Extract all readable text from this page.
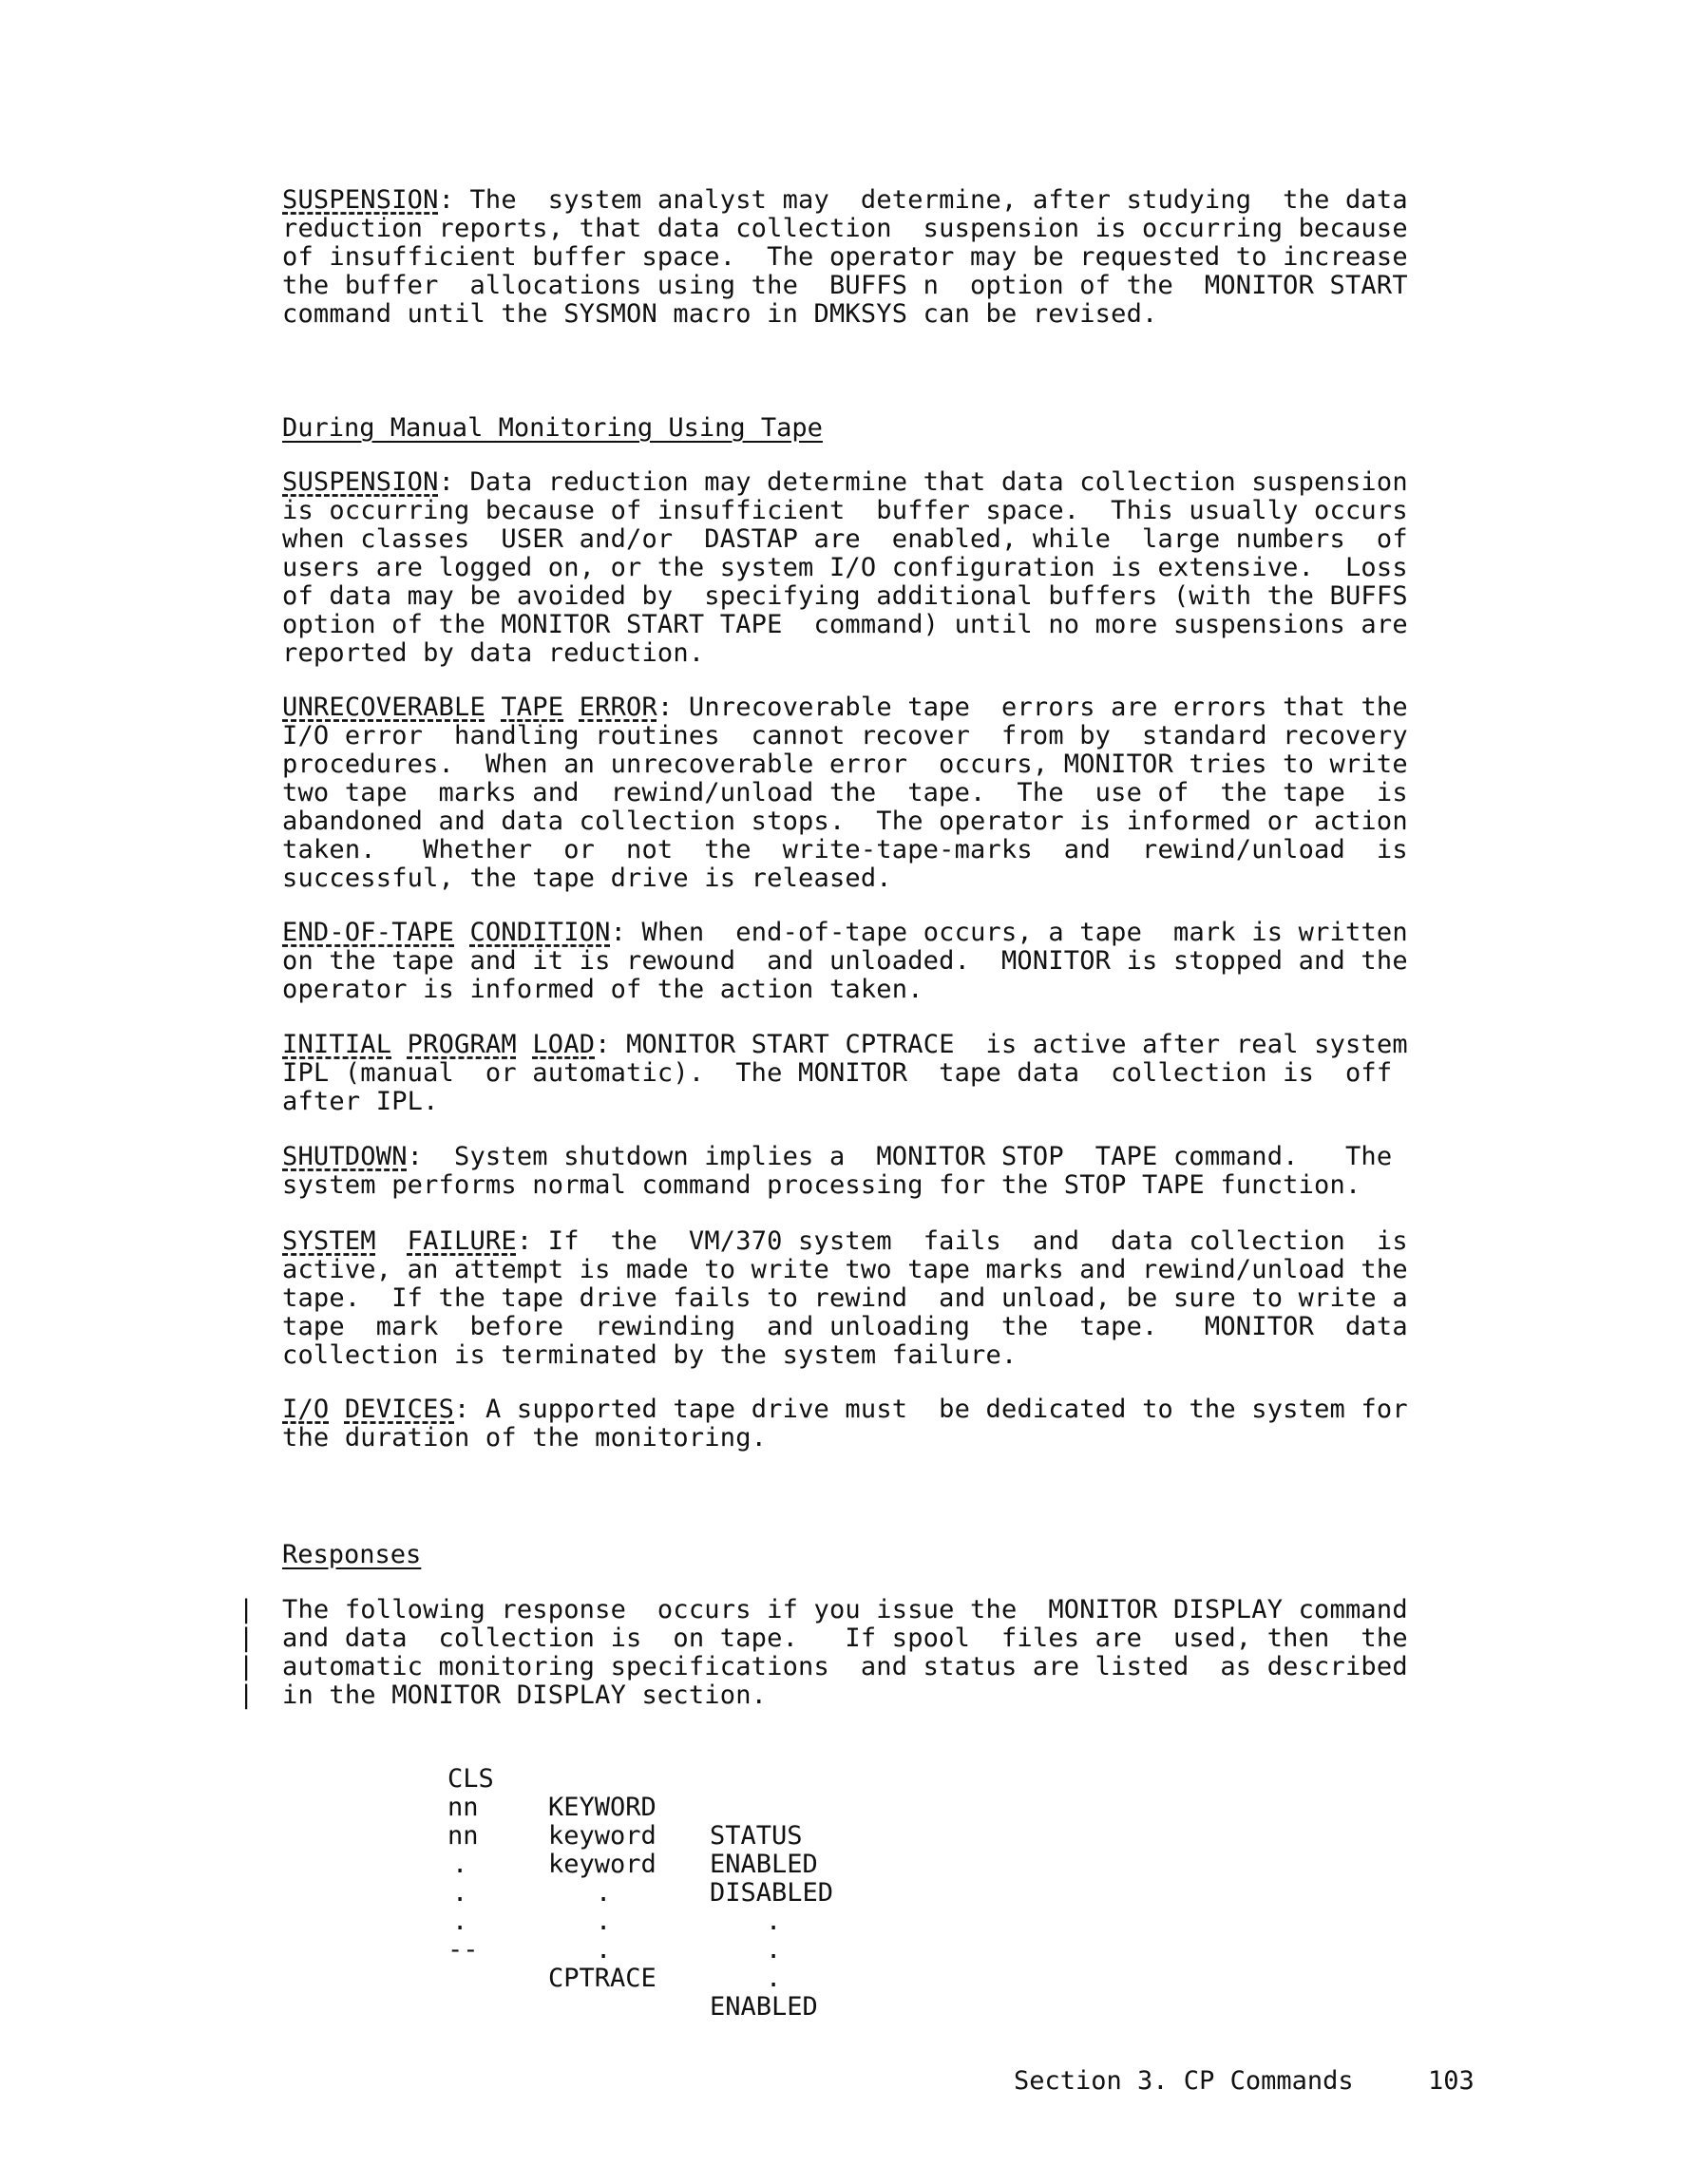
SUSPENSION: The  system analyst may  determine, after studying  the data
reduction reports, that data collection  suspension is occurring because
of insufficient buffer space.  The operator may be requested to increase
the buffer  allocations using the  BUFFS n  option of the  MONITOR START
command until the SYSMON macro in DMKSYS can be revised.
During Manual Monitoring Using Tape
SUSPENSION: Data reduction may determine that data collection suspension
is occurring because of insufficient  buffer space.  This usually occurs
when classes  USER and/or  DASTAP are  enabled, while  large numbers  of
users are logged on, or the system I/O configuration is extensive.  Loss
of data may be avoided by  specifying additional buffers (with the BUFFS
option of the MONITOR START TAPE  command) until no more suspensions are
reported by data reduction.
UNRECOVERABLE TAPE ERROR: Unrecoverable tape  errors are errors that the
I/O error  handling routines  cannot recover  from by  standard recovery
procedures.  When an unrecoverable error  occurs, MONITOR tries to write
two tape  marks and  rewind/unload the  tape.  The  use of  the tape  is
abandoned and data collection stops.  The operator is informed or action
taken.   Whether  or  not  the  write-tape-marks  and  rewind/unload  is
successful, the tape drive is released.
END-OF-TAPE CONDITION: When  end-of-tape occurs, a tape  mark is written
on the tape and it is rewound  and unloaded.  MONITOR is stopped and the
operator is informed of the action taken.
INITIAL PROGRAM LOAD: MONITOR START CPTRACE  is active after real system
IPL (manual  or automatic).  The MONITOR  tape data  collection is  off
after IPL.
SHUTDOWN:  System shutdown implies a  MONITOR STOP  TAPE command.   The
system performs normal command processing for the STOP TAPE function.
SYSTEM FAILURE: If  the  VM/370 system  fails  and  data collection  is
active, an attempt is made to write two tape marks and rewind/unload the
tape.  If the tape drive fails to rewind  and unload, be sure to write a
tape  mark  before  rewinding  and unloading  the  tape.   MONITOR  data
collection is terminated by the system failure.
I/O DEVICES: A supported tape drive must  be dedicated to the system for
the duration of the monitoring.
Responses
|
|
|
|
The following response  occurs if you issue the  MONITOR DISPLAY command
and data  collection is  on tape.   If spool  files are  used, then  the
automatic monitoring specifications  and status are listed  as described
in the MONITOR DISPLAY section.

CLS

KEYWORD

STATUS

nn

keyword

ENABLED

nn

keyword

DISABLED

.

.

.

.

.

.

.

.

.

--

CPTRACE

ENABLED

Section 3. CP Commands	103
